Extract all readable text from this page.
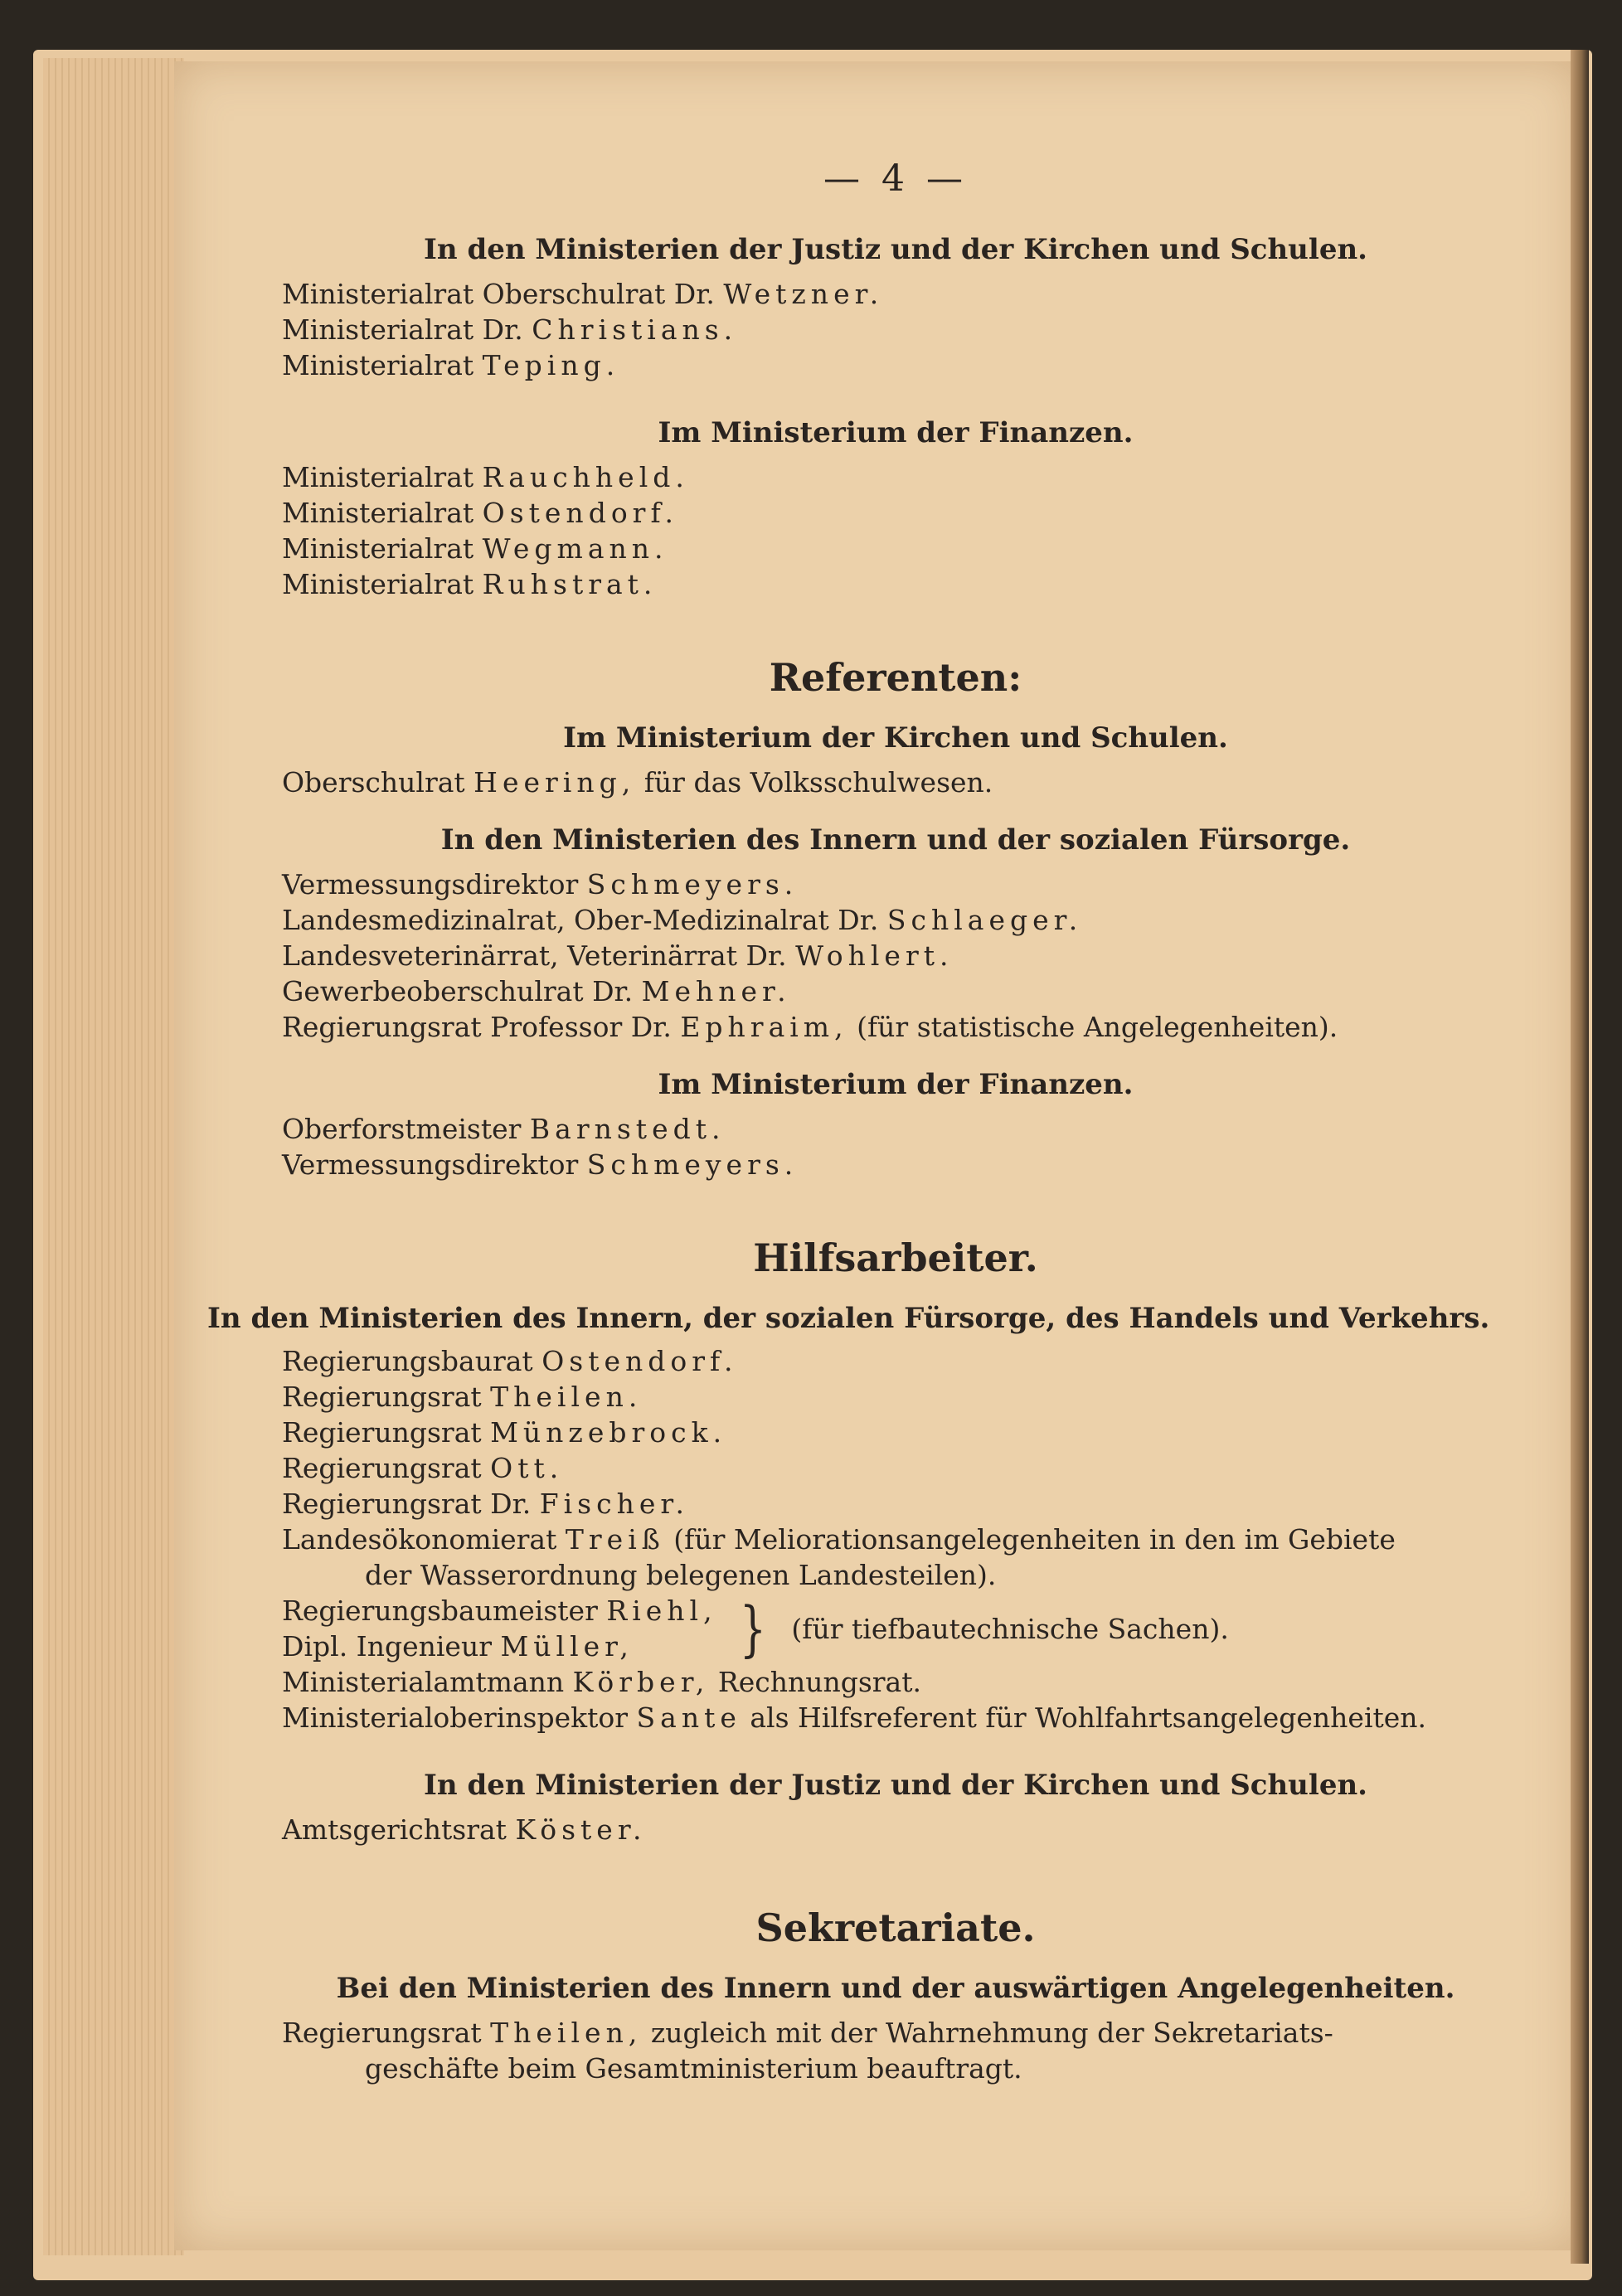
— 4 —
In den Ministerien der Justiz und der Kirchen und Schulen.
Ministerialrat Oberschulrat Dr. Wetzner.
Ministerialrat Dr. Christians.
Ministerialrat Teping.
Im Ministerium der Finanzen.
Ministerialrat Rauchheld.
Ministerialrat Ostendorf.
Ministerialrat Wegmann.
Ministerialrat Ruhstrat.
Referenten:
Im Ministerium der Kirchen und Schulen.
Oberschulrat Heering, für das Volksschulwesen.
In den Ministerien des Innern und der sozialen Fürsorge.
Vermessungsdirektor Schmeyers.
Landesmedizinalrat, Ober-Medizinalrat Dr. Schlaeger.
Landesveterinärrat, Veterinärrat Dr. Wohlert.
Gewerbeoberschulrat Dr. Mehner.
Regierungsrat Professor Dr. Ephraim, (für statistische Angelegenheiten).
Im Ministerium der Finanzen.
Oberforstmeister Barnstedt.
Vermessungsdirektor Schmeyers.
Hilfsarbeiter.
In den Ministerien des Innern, der sozialen Fürsorge, des Handels und Verkehrs.
Regierungsbaurat Ostendorf.
Regierungsrat Theilen.
Regierungsrat Münzebrock.
Regierungsrat Ott.
Regierungsrat Dr. Fischer.
Landesökonomierat Treiß (für Meliorationsangelegenheiten in den im Gebiete
der Wasserordnung belegenen Landesteilen).
Regierungsbaumeister Riehl,
Dipl. Ingenieur Müller,	} (für tiefbautechnische Sachen).
Ministerialamtmann Körber, Rechnungsrat.
Ministerialoberinspektor Sante als Hilfsreferent für Wohlfahrtsangelegenheiten.
In den Ministerien der Justiz und der Kirchen und Schulen.
Amtsgerichtsrat Köster.
Sekretariate.
Bei den Ministerien des Innern und der auswärtigen Angelegenheiten.
Regierungsrat Theilen, zugleich mit der Wahrnehmung der Sekretariats-
geschäfte beim Gesamtministerium beauftragt.
